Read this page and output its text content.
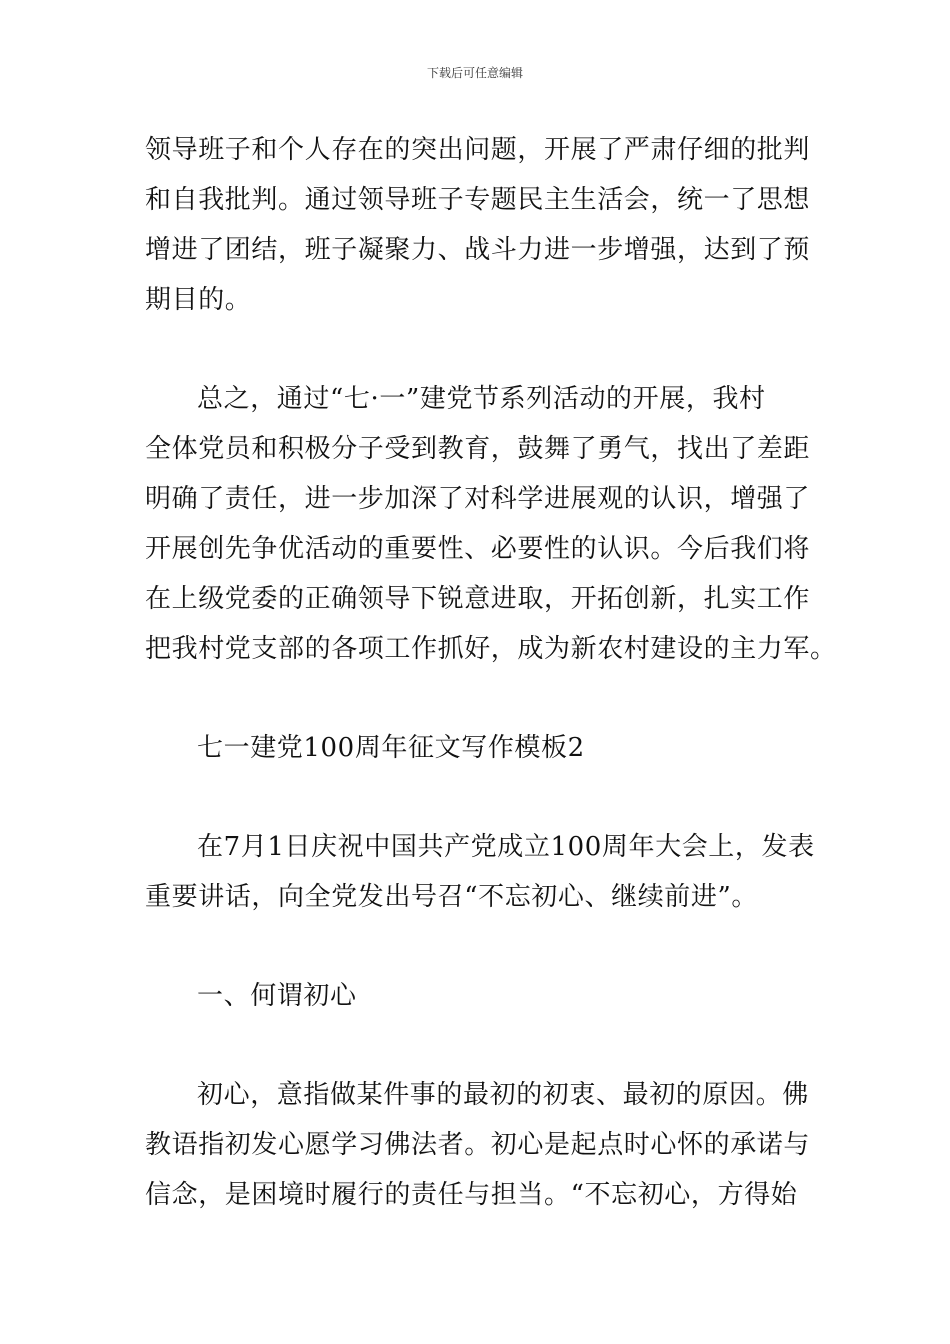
下载后可任意编辑
领导班子和个人存在的突出问题，开展了严肃仔细的批判
和自我批判。通过领导班子专题民主生活会，统一了思想
增进了团结，班子凝聚力、战斗力进一步增强，达到了预
期目的。
总之，通过“七·一”建党节系列活动的开展，我村
全体党员和积极分子受到教育，鼓舞了勇气，找出了差距
明确了责任，进一步加深了对科学进展观的认识，增强了
开展创先争优活动的重要性、必要性的认识。今后我们将
在上级党委的正确领导下锐意进取，开拓创新，扎实工作
把我村党支部的各项工作抓好，成为新农村建设的主力军。
七一建党100周年征文写作模板2
在7月1日庆祝中国共产党成立100周年大会上，发表
重要讲话，向全党发出号召“不忘初心、继续前进”。
一、何谓初心
初心，意指做某件事的最初的初衷、最初的原因。佛
教语指初发心愿学习佛法者。初心是起点时心怀的承诺与
信念，是困境时履行的责任与担当。“不忘初心，方得始
